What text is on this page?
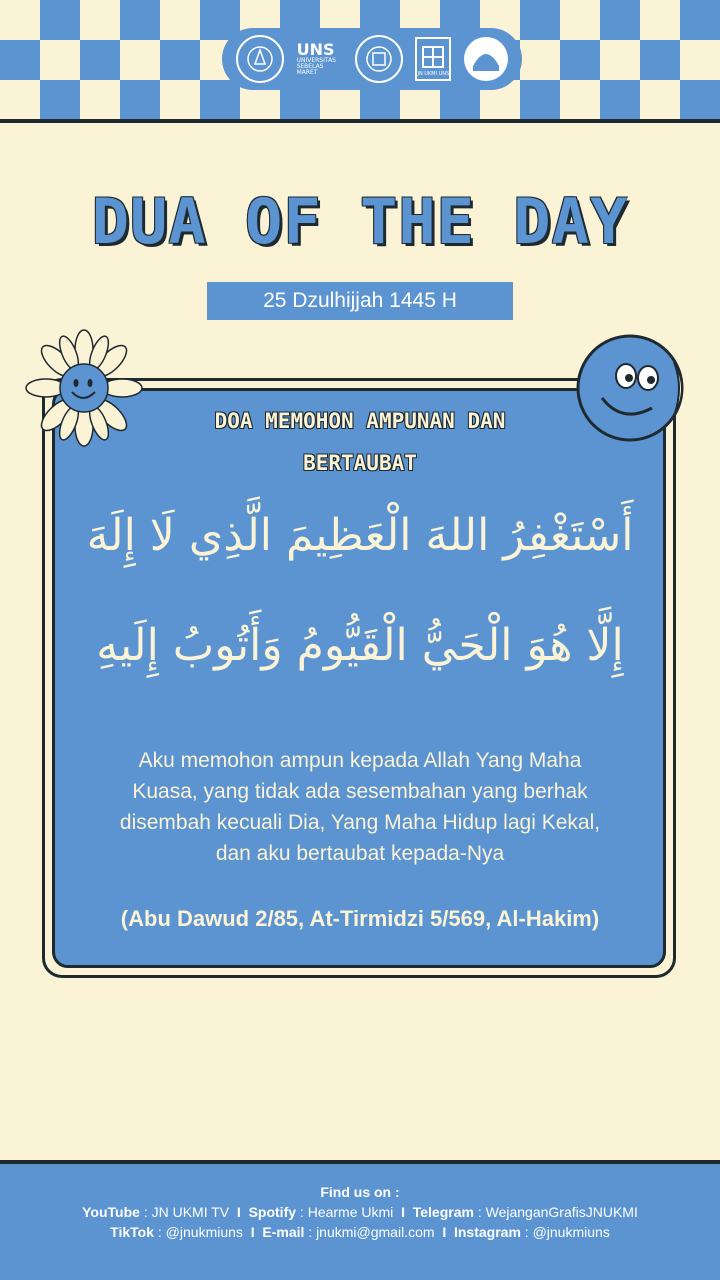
UNS
UNIVERSITAS SEBELAS MARET	JN UKMI UNS
DUA OF THE DAY
25 Dzulhijjah 1445 H
DOA MEMOHON AMPUNAN DAN
BERTAUBAT
أَسْتَغْفِرُ اللهَ الْعَظِيمَ الَّذِي لَا إِلَهَ
إِلَّا هُوَ الْحَيُّ الْقَيُّومُ وَأَتُوبُ إِلَيهِ
Aku memohon ampun kepada Allah Yang Maha
Kuasa, yang tidak ada sesembahan yang berhak
disembah kecuali Dia, Yang Maha Hidup lagi Kekal,
dan aku bertaubat kepada-Nya
(Abu Dawud 2/85, At-Tirmidzi 5/569, Al-Hakim)
Find us on :
YouTube : JN UKMI TV I Spotify : Hearme Ukmi I Telegram : WejanganGrafisJNUKMI
TikTok : @jnukmiuns I E-mail : jnukmi@gmail.com I Instagram : @jnukmiuns
